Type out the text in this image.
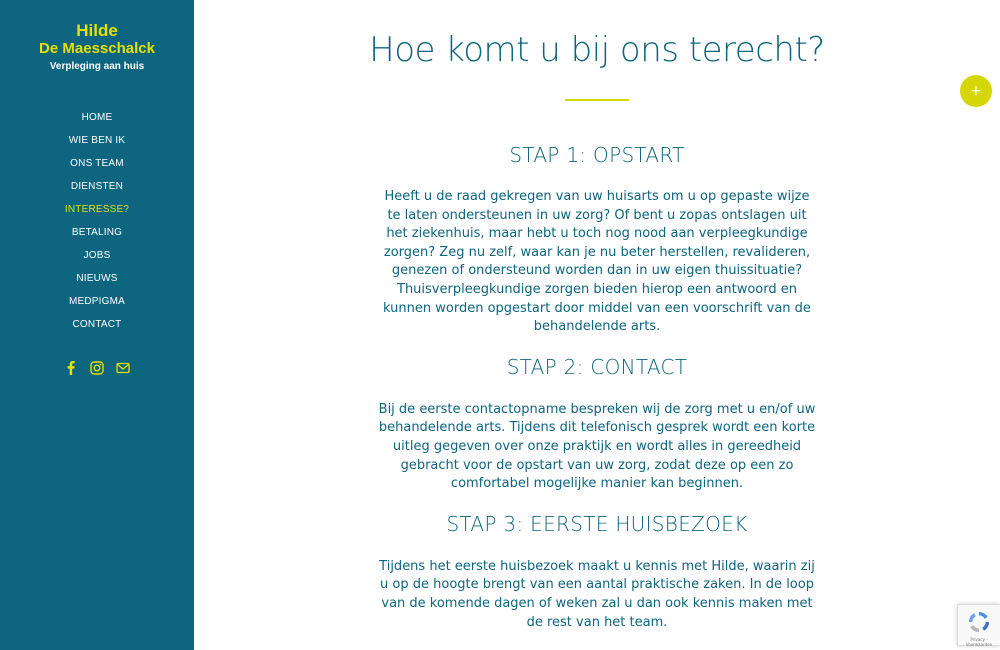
Hilde
De Maesschalck
Verpleging aan huis
HOME
WIE BEN IK
ONS TEAM
DIENSTEN
INTERESSE?
BETALING
JOBS
NIEUWS
MEDPIGMA
CONTACT
Hoe komt u bij ons terecht?
STAP 1: OPSTART

Heeft u de raad gekregen van uw huisarts om u op gepaste wijze te laten ondersteunen in uw zorg? Of bent u zopas ontslagen uit het ziekenhuis, maar hebt u toch nog nood aan verpleegkundige zorgen? Zeg nu zelf, waar kan je nu beter herstellen, revalideren, genezen of ondersteund worden dan in uw eigen thuissituatie? Thuisverpleegkundige zorgen bieden hierop een antwoord en kunnen worden opgestart door middel van een voorschrift van de behandelende arts.

STAP 2: CONTACT

Bij de eerste contactopname bespreken wij de zorg met u en/of uw behandelende arts. Tijdens dit telefonisch gesprek wordt een korte uitleg gegeven over onze praktijk en wordt alles in gereedheid gebracht voor de opstart van uw zorg, zodat deze op een zo comfortabel mogelijke manier kan beginnen.

STAP 3: EERSTE HUISBEZOEK

Tijdens het eerste huisbezoek maakt u kennis met Hilde, waarin zij u op de hoogte brengt van een aantal praktische zaken. In de loop van de komende dagen of weken zal u dan ook kennis maken met de rest van het team.

+
Privacy - Voorwaarden
